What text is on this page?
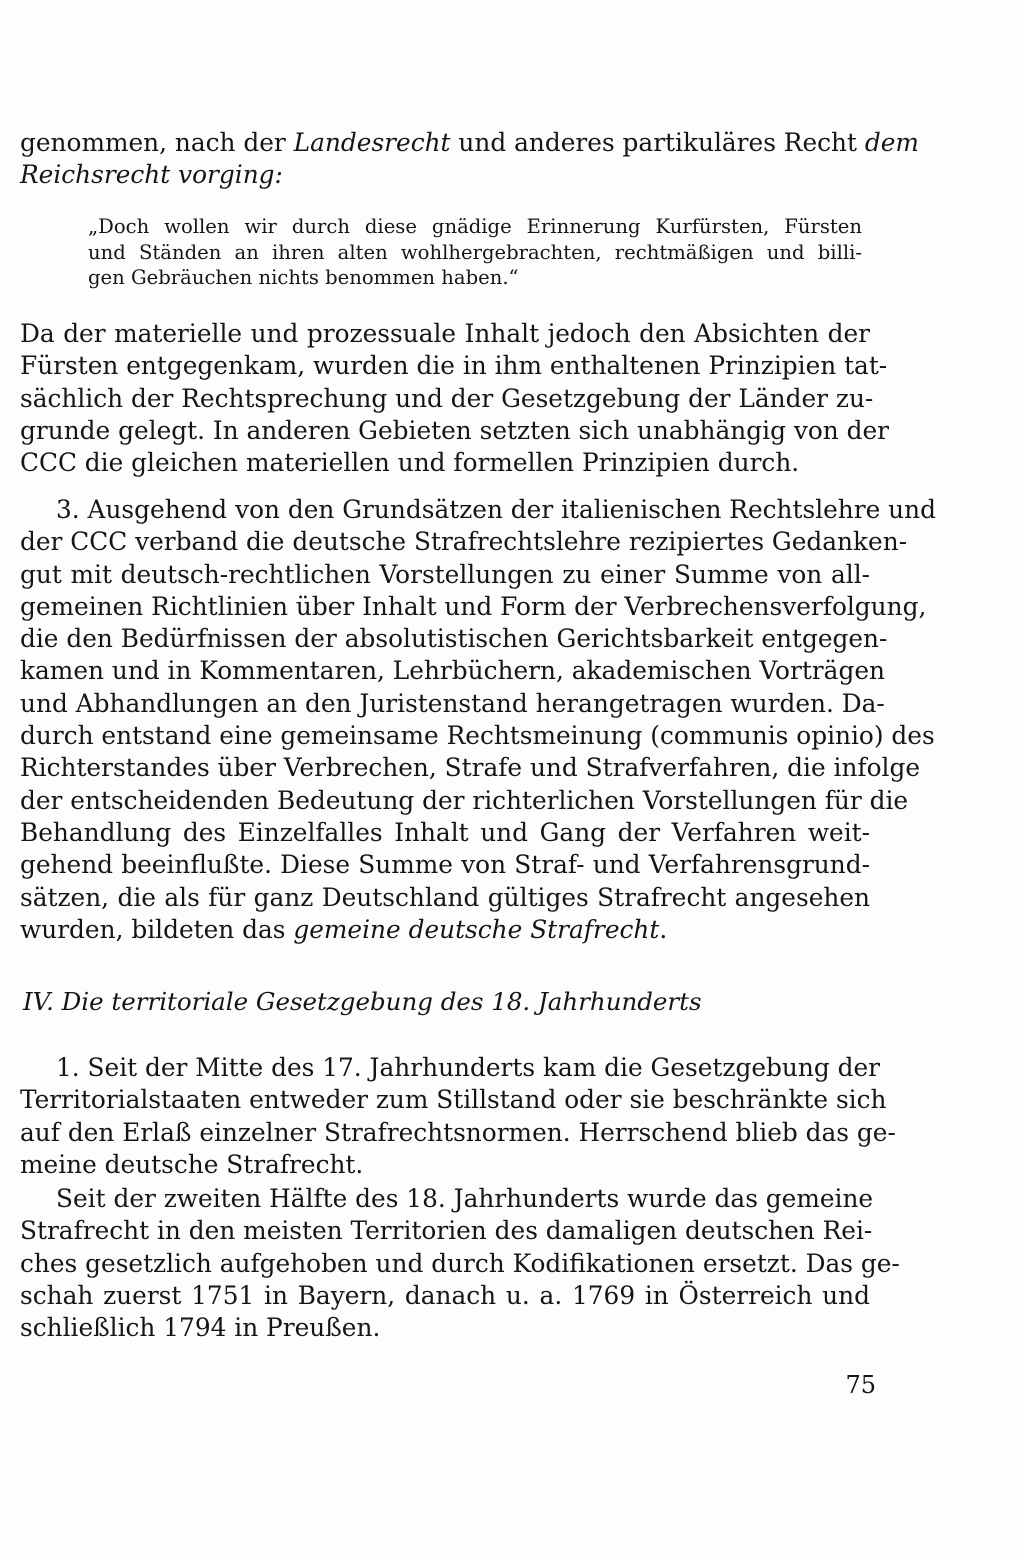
genommen, nach der Landesrecht und anderes partikuläres Recht dem
Reichsrecht vorging:
„Doch wollen wir durch diese gnädige Erinnerung Kurfürsten, Fürsten
und Ständen an ihren alten wohlhergebrachten, rechtmäßigen und billi-
gen Gebräuchen nichts benommen haben.“
Da der materielle und prozessuale Inhalt jedoch den Absichten der
Fürsten entgegenkam, wurden die in ihm enthaltenen Prinzipien tat-
sächlich der Rechtsprechung und der Gesetzgebung der Länder zu-
grunde gelegt. In anderen Gebieten setzten sich unabhängig von der
CCC die gleichen materiellen und formellen Prinzipien durch.
3. Ausgehend von den Grundsätzen der italienischen Rechtslehre und
der CCC verband die deutsche Strafrechtslehre rezipiertes Gedanken-
gut mit deutsch-rechtlichen Vorstellungen zu einer Summe von all-
gemeinen Richtlinien über Inhalt und Form der Verbrechensverfolgung,
die den Bedürfnissen der absolutistischen Gerichtsbarkeit entgegen-
kamen und in Kommentaren, Lehrbüchern, akademischen Vorträgen
und Abhandlungen an den Juristenstand herangetragen wurden. Da-
durch entstand eine gemeinsame Rechtsmeinung (communis opinio) des
Richterstandes über Verbrechen, Strafe und Strafverfahren, die infolge
der entscheidenden Bedeutung der richterlichen Vorstellungen für die
Behandlung des Einzelfalles Inhalt und Gang der Verfahren weit-
gehend beeinflußte. Diese Summe von Straf- und Verfahrensgrund-
sätzen, die als für ganz Deutschland gültiges Strafrecht angesehen
wurden, bildeten das gemeine deutsche Strafrecht.
IV. Die territoriale Gesetzgebung des 18. Jahrhunderts
1. Seit der Mitte des 17. Jahrhunderts kam die Gesetzgebung der
Territorialstaaten entweder zum Stillstand oder sie beschränkte sich
auf den Erlaß einzelner Strafrechtsnormen. Herrschend blieb das ge-
meine deutsche Strafrecht.
Seit der zweiten Hälfte des 18. Jahrhunderts wurde das gemeine
Strafrecht in den meisten Territorien des damaligen deutschen Rei-
ches gesetzlich aufgehoben und durch Kodifikationen ersetzt. Das ge-
schah zuerst 1751 in Bayern, danach u. a. 1769 in Österreich und
schließlich 1794 in Preußen.
75
